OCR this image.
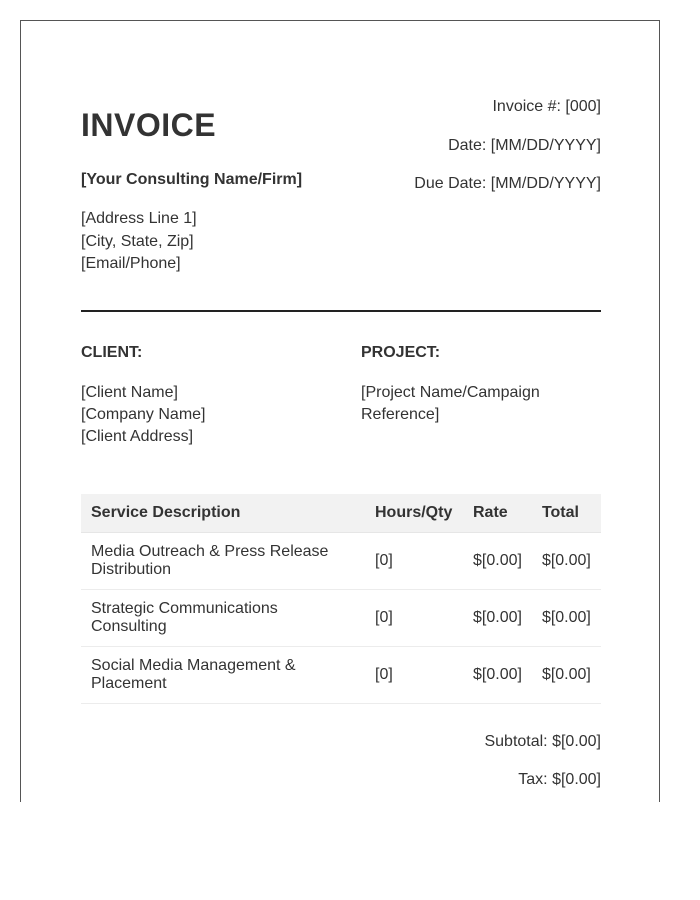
INVOICE
[Your Consulting Name/Firm]
[Address Line 1]
[City, State, Zip]
[Email/Phone]
Invoice #: [000]
Date: [MM/DD/YYYY]
Due Date: [MM/DD/YYYY]
CLIENT:	PROJECT:
[Client Name]
[Company Name]
[Client Address]
[Project Name/Campaign Reference]
Service Description	Hours/Qty	Rate	Total
Media Outreach & Press Release Distribution	[0]	$[0.00]	$[0.00]
Strategic Communications Consulting	[0]	$[0.00]	$[0.00]
Social Media Management & Placement	[0]	$[0.00]	$[0.00]
Subtotal: $[0.00]
Tax: $[0.00]
